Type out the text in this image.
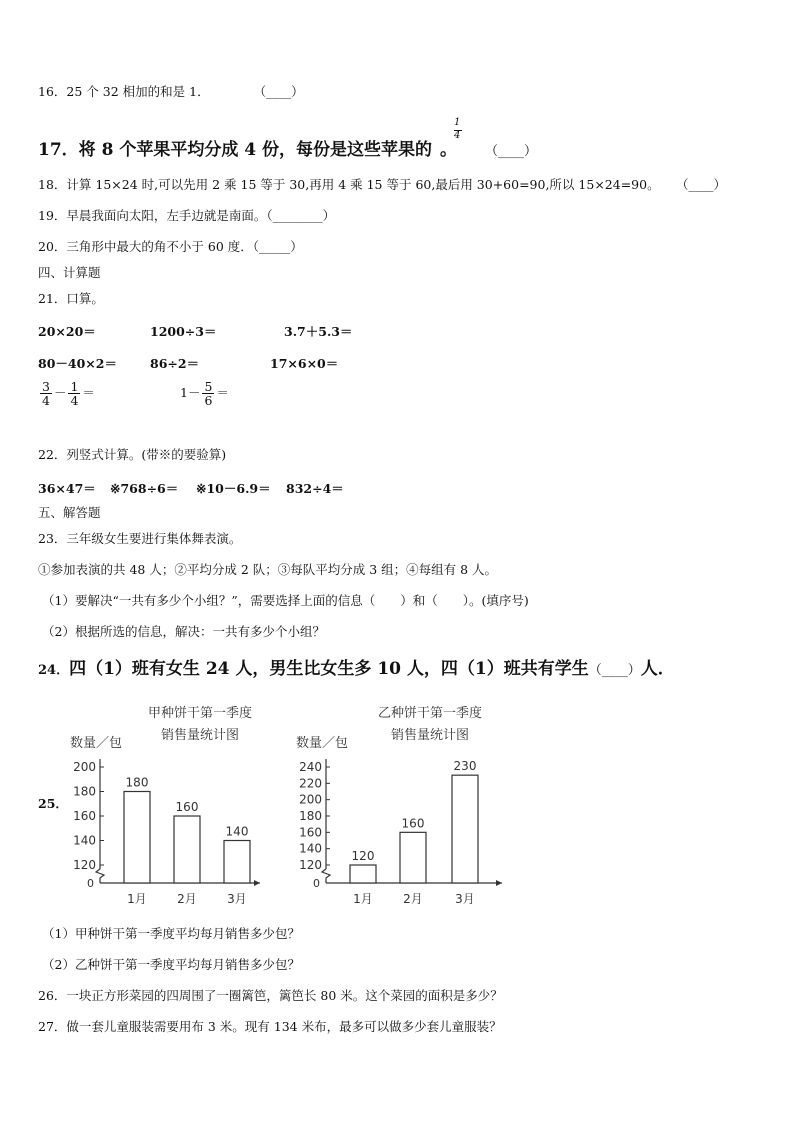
16．25 个 32 相加的和是 1．	（____）
1
4
17．将 8 个苹果平均分成 4 份，每份是这些苹果的 。 （____）
18．计算 15×24 时,可以先用 2 乘 15 等于 30,再用 4 乘 15 等于 60,最后用 30+60=90,所以 15×24=90。 （____）
19．早晨我面向太阳，左手边就是南面。（________）
20．三角形中最大的角不小于 60 度．（_____）
四、计算题
21．口算。
20×20＝	1200÷3＝	3.7＋5.3＝
80－40×2＝	86÷2＝	17×6×0＝
$\frac{3}{4} - \frac{1}{4}$ ＝	$1- \frac{5}{6}$ ＝
22．列竖式计算。(带※的要验算)
36×47＝ ※768÷6＝ ※10－6.9＝ 832÷4＝
五、解答题
23．三年级女生要进行集体舞表演。
①参加表演的共 48 人；②平均分成 2 队；③每队平均分成 3 组；④每组有 8 人。
（1）要解决“一共有多少个小组？”，需要选择上面的信息（　　）和（　　）。(填序号)
（2）根据所选的信息，解决：一共有多少个小组？
24．四（1）班有女生 24 人，男生比女生多 10 人，四（1）班共有学生（____）人．
25．
甲种饼干第一季度
销售量统计图
数量／包
0
120
140
160
180
200
180
1月
160
2月
140
3月
乙种饼干第一季度
销售量统计图
数量／包
0
120
140
160
180
200
220
240
120
1月
160
2月
230
3月
（1）甲种饼干第一季度平均每月销售多少包？
（2）乙种饼干第一季度平均每月销售多少包？
26．一块正方形菜园的四周围了一圈篱笆，篱笆长 80 米。这个菜园的面积是多少？
27．做一套儿童服装需要用布 3 米。现有 134 米布，最多可以做多少套儿童服装？
